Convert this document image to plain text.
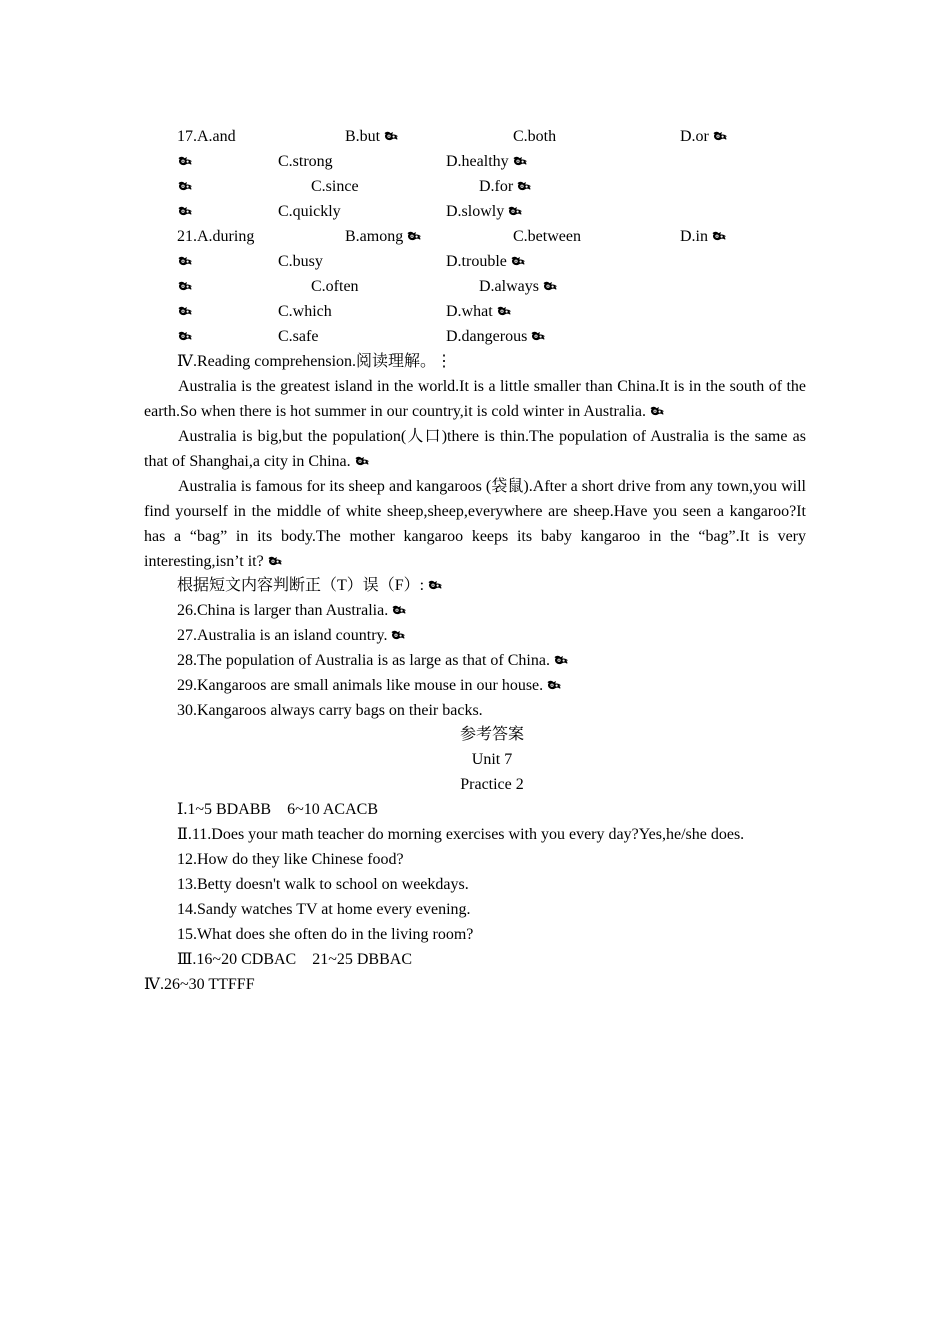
17.A.and	B.but	C.both	D.or
C.strong	D.healthy
C.since	D.for
C.quickly	D.slowly
21.A.during	B.among	C.between	D.in
C.busy	D.trouble
C.often	D.always
C.which	D.what
C.safe	D.dangerous
Ⅳ.Reading comprehension.阅读理解。⋮

Australia is the greatest island in the world.It is a little smaller than China.It is in the south of the earth.So when there is hot summer in our country,it is cold winter in Australia.

Australia is big,but the population(人口)there is thin.The population of Australia is the same as that of Shanghai,a city in China.

Australia is famous for its sheep and kangaroos (袋鼠).After a short drive from any town,you will find yourself in the middle of white sheep,sheep,everywhere are sheep.Have you seen a kangaroo?It has a “bag” in its body.The mother kangaroo keeps its baby kangaroo in the “bag”.It is very interesting,isn’t it?

根据短文内容判断正（T）误（F）:
26.China is larger than Australia.
27.Australia is an island country.
28.The population of Australia is as large as that of China.
29.Kangaroos are small animals like mouse in our house.
30.Kangaroos always carry bags on their backs.
参考答案
Unit 7
Practice 2
Ⅰ.1~5 BDABB　6~10 ACACB
Ⅱ.11.Does your math teacher do morning exercises with you every day?Yes,he/she does.
12.How do they like Chinese food?
13.Betty doesn't walk to school on weekdays.
14.Sandy watches TV at home every evening.
15.What does she often do in the living room?
Ⅲ.16~20 CDBAC　21~25 DBBAC
Ⅳ.26~30 TTFFF
